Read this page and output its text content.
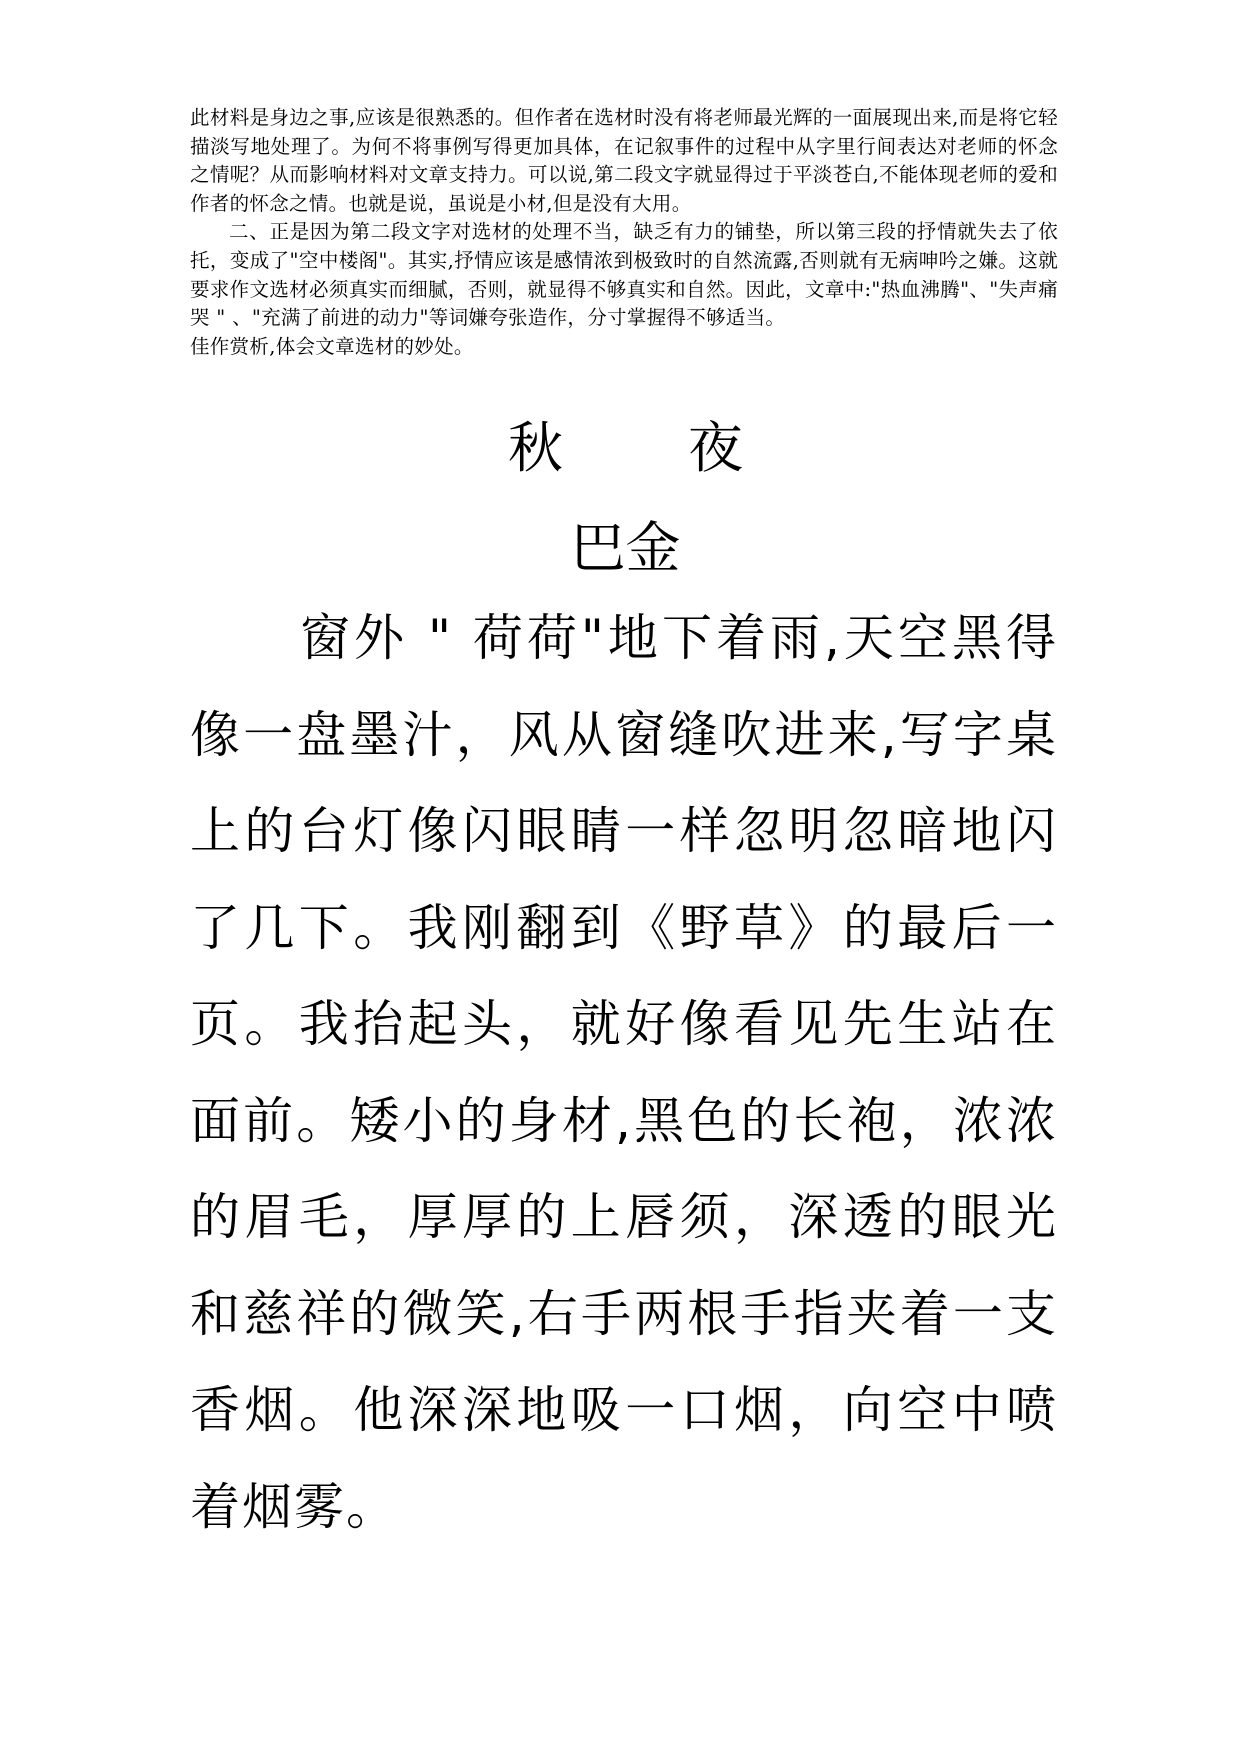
此材料是身边之事,应该是很熟悉的。但作者在选材时没有将老师最光辉的一面展现出来,而是将它轻描淡写地处理了。为何不将事例写得更加具体，在记叙事件的过程中从字里行间表达对老师的怀念之情呢？从而影响材料对文章支持力。可以说,第二段文字就显得过于平淡苍白,不能体现老师的爱和作者的怀念之情。也就是说，虽说是小材,但是没有大用。

二、正是因为第二段文字对选材的处理不当，缺乏有力的铺垫，所以第三段的抒情就失去了依托，变成了"空中楼阁"。其实,抒情应该是感情浓到极致时的自然流露,否则就有无病呻吟之嫌。这就要求作文选材必须真实而细腻，否则，就显得不够真实和自然。因此，文章中:"热血沸腾"、"失声痛哭 " 、"充满了前进的动力"等词嫌夸张造作，分寸掌握得不够适当。

佳作赏析,体会文章选材的妙处。

秋 夜
巴金
窗外 " 荷荷"地下着雨,天空黑得像一盘墨汁，风从窗缝吹进来,写字桌上的台灯像闪眼睛一样忽明忽暗地闪了几下。我刚翻到《野草》的最后一页。我抬起头，就好像看见先生站在面前。矮小的身材,黑色的长袍，浓浓的眉毛，厚厚的上唇须，深透的眼光和慈祥的微笑,右手两根手指夹着一支香烟。他深深地吸一口烟，向空中喷着烟雾。
